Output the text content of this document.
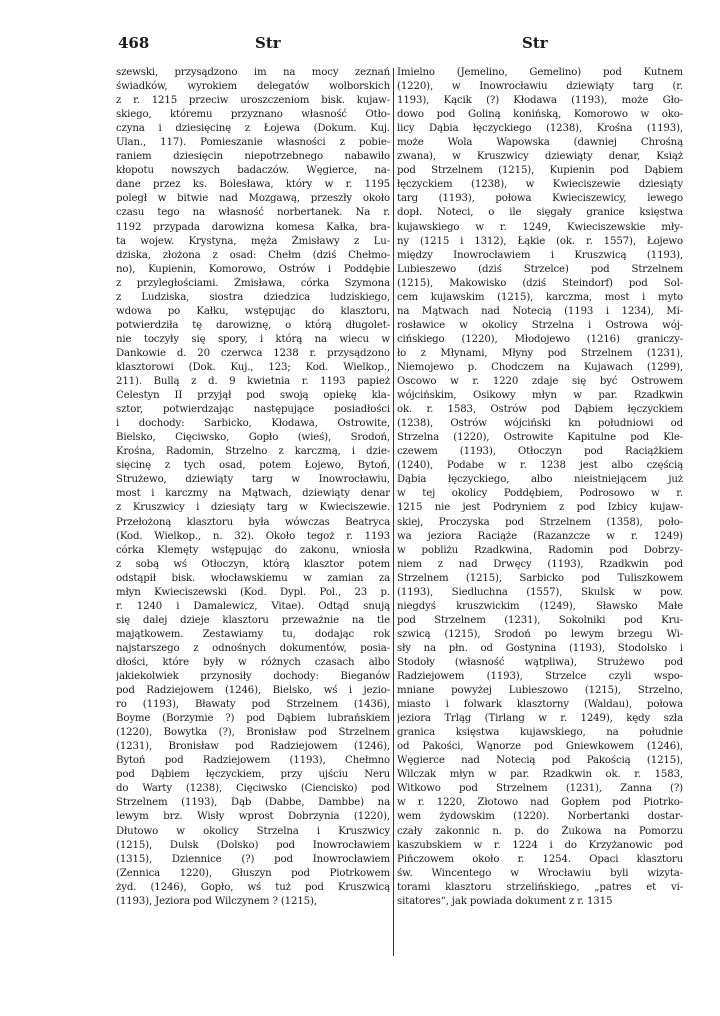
468	Str	Str
szewski, przysądzono im na mocy zeznań
świadków, wyrokiem delegatów wolborskich
z r. 1215 przeciw uroszczeniom bisk. kujaw-
skiego, któremu przyznano własność Otło-
czyna i dziesięcinę z Łojewa (Dokum. Kuj.
Ulan., 117). Pomieszanie własności z pobie-
raniem dziesięcin niepotrzebnego nabawiło
kłopotu nowszych badaczów. Węgierce, na-
dane przez ks. Bolesława, który w r. 1195
poległ w bitwie nad Mozgawą, przeszły około
czasu tego na własność norbertanek. Na r.
1192 przypada darowizna komesa Kałka, bra-
ta wojew. Krystyna, męża Żmisławy z Lu-
dziska, złożona z osad: Chełm (dziś Chełmo-
no), Kupienin, Komorowo, Ostrów i Poddębie
z przyległościami. Żmisława, córka Szymona
z Ludziska, siostra dziedzica ludziskiego,
wdowa po Kałku, wstępując do klasztoru,
potwierdziła tę darowiznę, o którą długolet-
nie toczyły się spory, i którą na wiecu w
Dankowie d. 20 czerwca 1238 r. przysądzono
klasztorowi (Dok. Kuj., 123; Kod. Wielkop.,
211). Bullą z d. 9 kwietnia r. 1193 papież
Celestyn II przyjął pod swoją opiekę kla-
sztor, potwierdzając następujące posiadłości
i dochody: Sarbicko, Kłodawa, Ostrowite,
Bielsko, Cięciwsko, Gopło (wieś), Srodoń,
Krośna, Radomin, Strzelno z karczmą, i dzie-
sięcinę z tych osad, potem Łojewo, Bytoń,
Strużewo, dziewiąty targ w Inowrocławiu,
most i karczmy na Mątwach, dziewiąty denar
z Kruszwicy i dziesiąty targ w Kwieciszewie.
Przełożoną klasztoru była wówczas Beatryca
(Kod. Wielkop., n. 32). Około tegoż r. 1193
córka Klemęty wstępując do zakonu, wniosła
z sobą wś Otłoczyn, którą klasztor potem
odstąpił bisk. włocławskiemu w zamian za
młyn Kwieciszewski (Kod. Dypl. Pol., 23 p.
r. 1240 i Damalewicz, Vitae). Odtąd snują
się dalej dzieje klasztoru przeważnie na tle
majątkowem. Zestawiamy tu, dodając rok
najstarszego z odnośnych dokumentów, posia-
dłości, które były w różnych czasach albo
jakiekolwiek przynosiły dochody: Bieganów
pod Radziejowem (1246), Bielsko, wś i jezio-
ro (1193), Bławaty pod Strzelnem (1436),
Boyme (Borzymie ?) pod Dąbiem lubrańskiem
(1220), Bowytka (?), Bronisław pod Strzelnem
(1231), Bronisław pod Radziejowem (1246),
Bytoń pod Radziejowem (1193), Chełmno
pod Dąbiem łęczyckiem, przy ujściu Neru
do Warty (1238), Cięciwsko (Ciencisko) pod
Strzelnem (1193), Dąb (Dabbe, Dambbe) na
lewym brz. Wisły wprost Dobrzynia (1220),
Dłutowo w okolicy Strzelna i Kruszwicy
(1215), Dulsk (Dolsko) pod Inowrocławiem
(1315), Dziennice (?) pod Inowrocławiem
(Zennica 1220), Głuszyn pod Piotrkowem
żyd. (1246), Gopło, wś tuż pod Kruszwicą
(1193), Jeziora pod Wilczynem ? (1215),
Imielno (Jemelino, Gemelino) pod Kutnem
(1220), w Inowrocławiu dziewiąty targ (r.
1193), Kącik (?) Kłodawa (1193), może Gło-
dowo pod Goliną konińską, Komorowo w oko-
licy Dąbia łęczyckiego (1238), Krośna (1193),
może Wola Wapowska (dawniej Chrośną
zwana), w Kruszwicy dziewiąty denar, Książ
pod Strzelnem (1215), Kupienin pod Dąbiem
łęczyckiem (1238), w Kwieciszewie dziesiąty
targ (1193), połowa Kwieciszewicy, lewego
dopł. Noteci, o ile sięgały granice księstwa
kujawskiego w r. 1249, Kwieciszewskie mły-
ny (1215 i 1312), Łąkie (ok. r. 1557), Łojewo
między Inowrocławiem i Kruszwicą (1193),
Lubieszewo (dziś Strzelce) pod Strzelnem
(1215), Makowisko (dziś Steindorf) pod Sol-
cem kujawskim (1215), karczma, most i myto
na Mątwach nad Notecią (1193 i 1234), Mi-
rosławice w okolicy Strzelna i Ostrowa wój-
cińskiego (1220), Młodojewo (1216) graniczy-
ło z Młynami, Młyny pod Strzelnem (1231),
Niemojewo p. Chodczem na Kujawach (1299),
Oscowo w r. 1220 zdaje się być Ostrowem
wójcińskim, Osikowy młyn w par. Rzadkwin
ok. r. 1583, Ostrów pod Dąbiem łęczyckiem
(1238), Ostrów wójciński kn południowi od
Strzelna (1220), Ostrowite Kapitulne pod Kle-
czewem (1193), Otłoczyn pod Raciążkiem
(1240), Podabe w r. 1238 jest albo częścią
Dąbia łęczyckiego, albo nieistniejącem już
w tej okolicy Poddębiem, Podrosowo w r.
1215 nie jest Podryniem z pod Izbicy kujaw-
skiej, Proczyska pod Strzelnem (1358), poło-
wa jeziora Raciąże (Razanzcze w r. 1249)
w pobliżu Rzadkwina, Radomin pod Dobrzy-
niem z nad Drwęcy (1193), Rzadkwin pod
Strzelnem (1215), Sarbicko pod Tuliszkowem
(1193), Siedluchna (1557), Skulsk w pow.
niegdyś kruszwickim (1249), Sławsko Małe
pod Strzelnem (1231), Sokolniki pod Kru-
szwicą (1215), Srodoń po lewym brzegu Wi-
sły na płn. od Gostynina (1193), Stodolsko i
Stodoły (własność wątpliwa), Strużewo pod
Radziejowem (1193), Strzelce czyli wspo-
mniane powyżej Lubieszowo (1215), Strzelno,
miasto i folwark klasztorny (Waldau), połowa
jeziora Trląg (Tirlang w r. 1249), kędy szła
granica księstwa kujawskiego, na południe
od Pakości, Wąnorze pod Gniewkowem (1246),
Węgierce nad Notecią pod Pakością (1215),
Wilczak młyn w par. Rzadkwin ok. r. 1583,
Witkowo pod Strzelnem (1231), Zanna (?)
w r. 1220, Złotowo nad Gopłem pod Piotrko-
wem żydowskim (1220). Norbertanki dostar-
czały zakonnic n. p. do Żukowa na Pomorzu
kaszubskiem w r. 1224 i do Krzyżanowic pod
Pińczowem około r. 1254. Opaci klasztoru
św. Wincentego w Wrocławiu byli wizyta-
torami klasztoru strzelińskiego, „patres et vi-
sitatores“, jak powiada dokument z r. 1315
